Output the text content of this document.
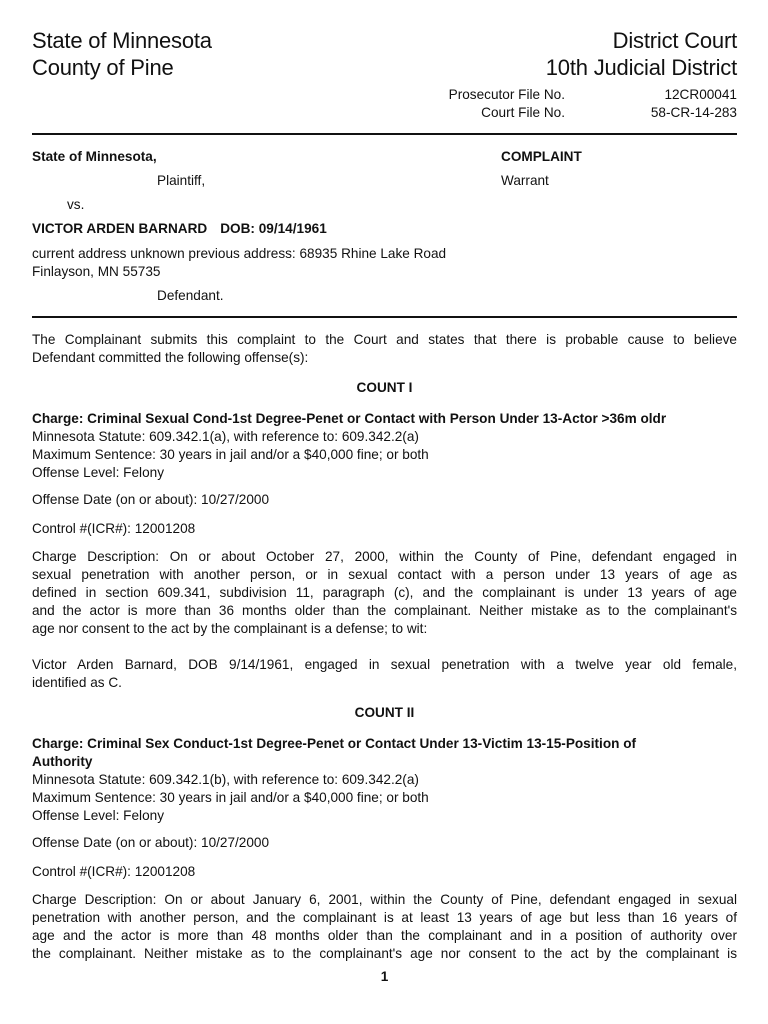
State of Minnesota
County of Pine
District Court
10th Judicial District
Prosecutor File No.	12CR00041
Court File No.	58-CR-14-283
State of Minnesota,	COMPLAINT
Plaintiff,	Warrant
vs.
VICTOR ARDEN BARNARD DOB: 09/14/1961
current address unknown previous address: 68935 Rhine Lake Road
Finlayson, MN 55735
Defendant.
The Complainant submits this complaint to the Court and states that there is probable cause to believe
Defendant committed the following offense(s):
COUNT I
Charge: Criminal Sexual Cond-1st Degree-Penet or Contact with Person Under 13-Actor >36m oldr
Minnesota Statute: 609.342.1(a), with reference to: 609.342.2(a)
Maximum Sentence: 30 years in jail and/or a $40,000 fine; or both
Offense Level: Felony
Offense Date (on or about): 10/27/2000
Control #(ICR#): 12001208
Charge Description: On or about October 27, 2000, within the County of Pine, defendant engaged in
sexual penetration with another person, or in sexual contact with a person under 13 years of age as
defined in section 609.341, subdivision 11, paragraph (c), and the complainant is under 13 years of age
and the actor is more than 36 months older than the complainant. Neither mistake as to the complainant's
age nor consent to the act by the complainant is a defense; to wit:
Victor Arden Barnard, DOB 9/14/1961, engaged in sexual penetration with a twelve year old female,
identified as C.
COUNT II
Charge: Criminal Sex Conduct-1st Degree-Penet or Contact Under 13-Victim 13-15-Position of
Authority
Minnesota Statute: 609.342.1(b), with reference to: 609.342.2(a)
Maximum Sentence: 30 years in jail and/or a $40,000 fine; or both
Offense Level: Felony
Offense Date (on or about): 10/27/2000
Control #(ICR#): 12001208
Charge Description: On or about January 6, 2001, within the County of Pine, defendant engaged in sexual
penetration with another person, and the complainant is at least 13 years of age but less than 16 years of
age and the actor is more than 48 months older than the complainant and in a position of authority over
the complainant. Neither mistake as to the complainant's age nor consent to the act by the complainant is
1
